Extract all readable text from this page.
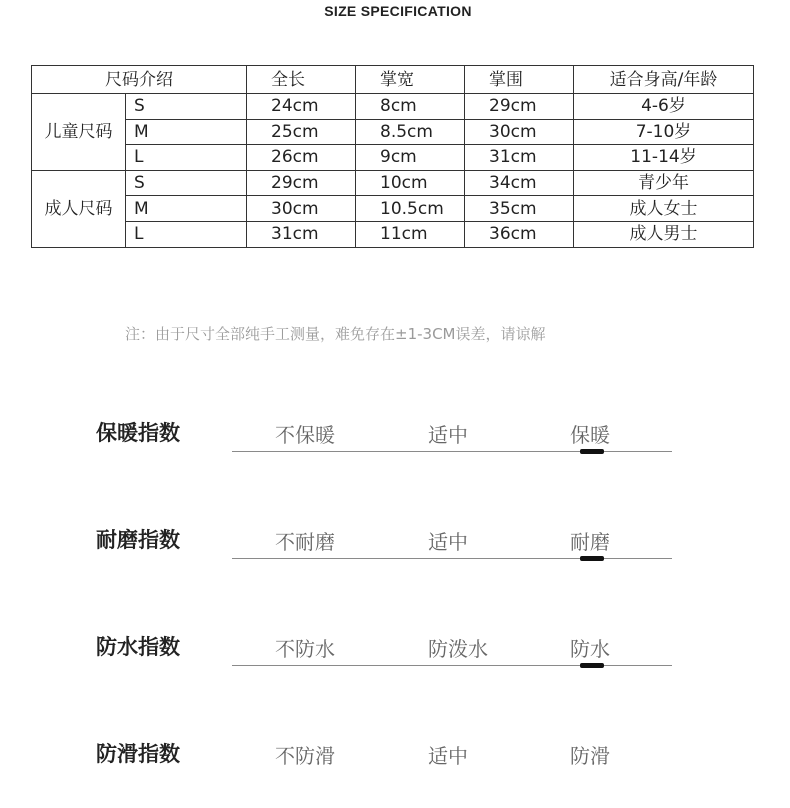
SIZE SPECIFICATION
尺码介绍		全长	掌宽	掌围	适合身高/年龄
儿童尺码	S	24cm	8cm	29cm	4-6岁
	M	25cm	8.5cm	30cm	7-10岁
	L	26cm	9cm	31cm	11-14岁
成人尺码	S	29cm	10cm	34cm	青少年
	M	30cm	10.5cm	35cm	成人女士
	L	31cm	11cm	36cm	成人男士
注：由于尺寸全部纯手工测量，难免存在±1-3CM误差，请谅解
保暖指数	不保暖	适中	保暖
耐磨指数	不耐磨	适中	耐磨
防水指数	不防水	防泼水	防水
防滑指数	不防滑	适中	防滑
